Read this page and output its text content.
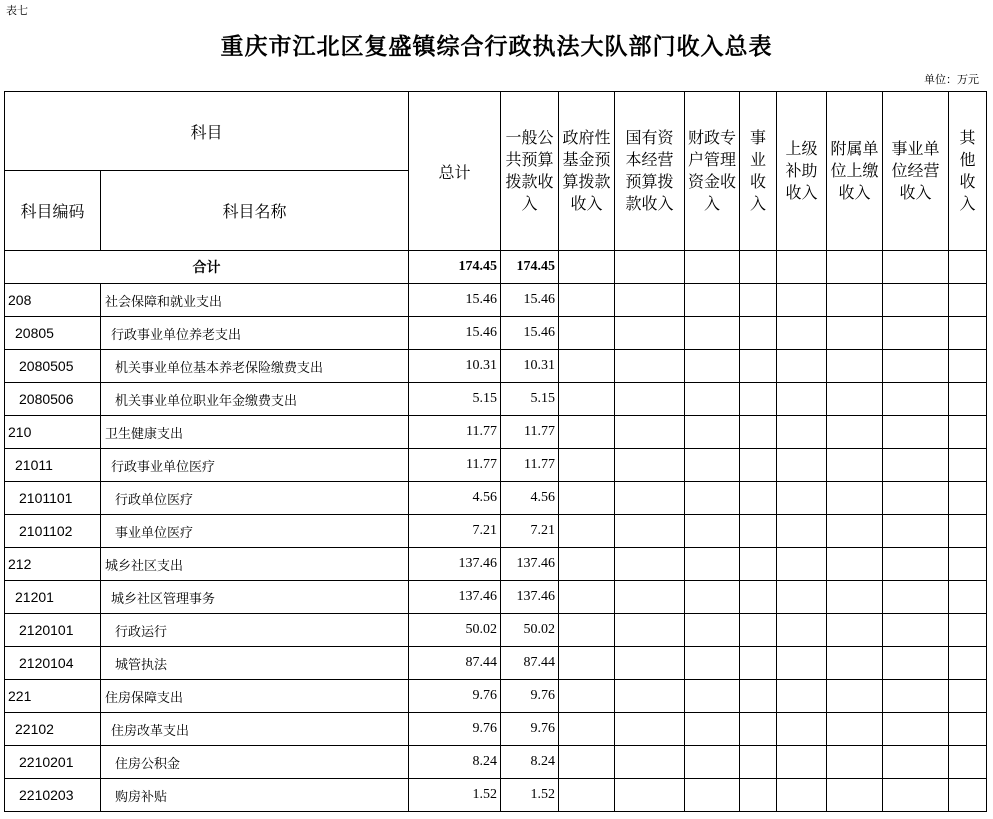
表七
重庆市江北区复盛镇综合行政执法大队部门收入总表
单位：万元
科目		总计	一般公共预算拨款收入	政府性基金预算拨款收入	国有资本经营预算拨款收入	财政专户管理资金收入	事业收入	上级补助收入	附属单位上缴收入	事业单位经营收入	其他收入
科目编码	科目名称										
合计		174.45	174.45								
208	社会保障和就业支出	15.46	15.46								
20805	行政事业单位养老支出	15.46	15.46								
2080505	机关事业单位基本养老保险缴费支出	10.31	10.31								
2080506	机关事业单位职业年金缴费支出	5.15	5.15								
210	卫生健康支出	11.77	11.77								
21011	行政事业单位医疗	11.77	11.77								
2101101	行政单位医疗	4.56	4.56								
2101102	事业单位医疗	7.21	7.21								
212	城乡社区支出	137.46	137.46								
21201	城乡社区管理事务	137.46	137.46								
2120101	行政运行	50.02	50.02								
2120104	城管执法	87.44	87.44								
221	住房保障支出	9.76	9.76								
22102	住房改革支出	9.76	9.76								
2210201	住房公积金	8.24	8.24								
2210203	购房补贴	1.52	1.52								
